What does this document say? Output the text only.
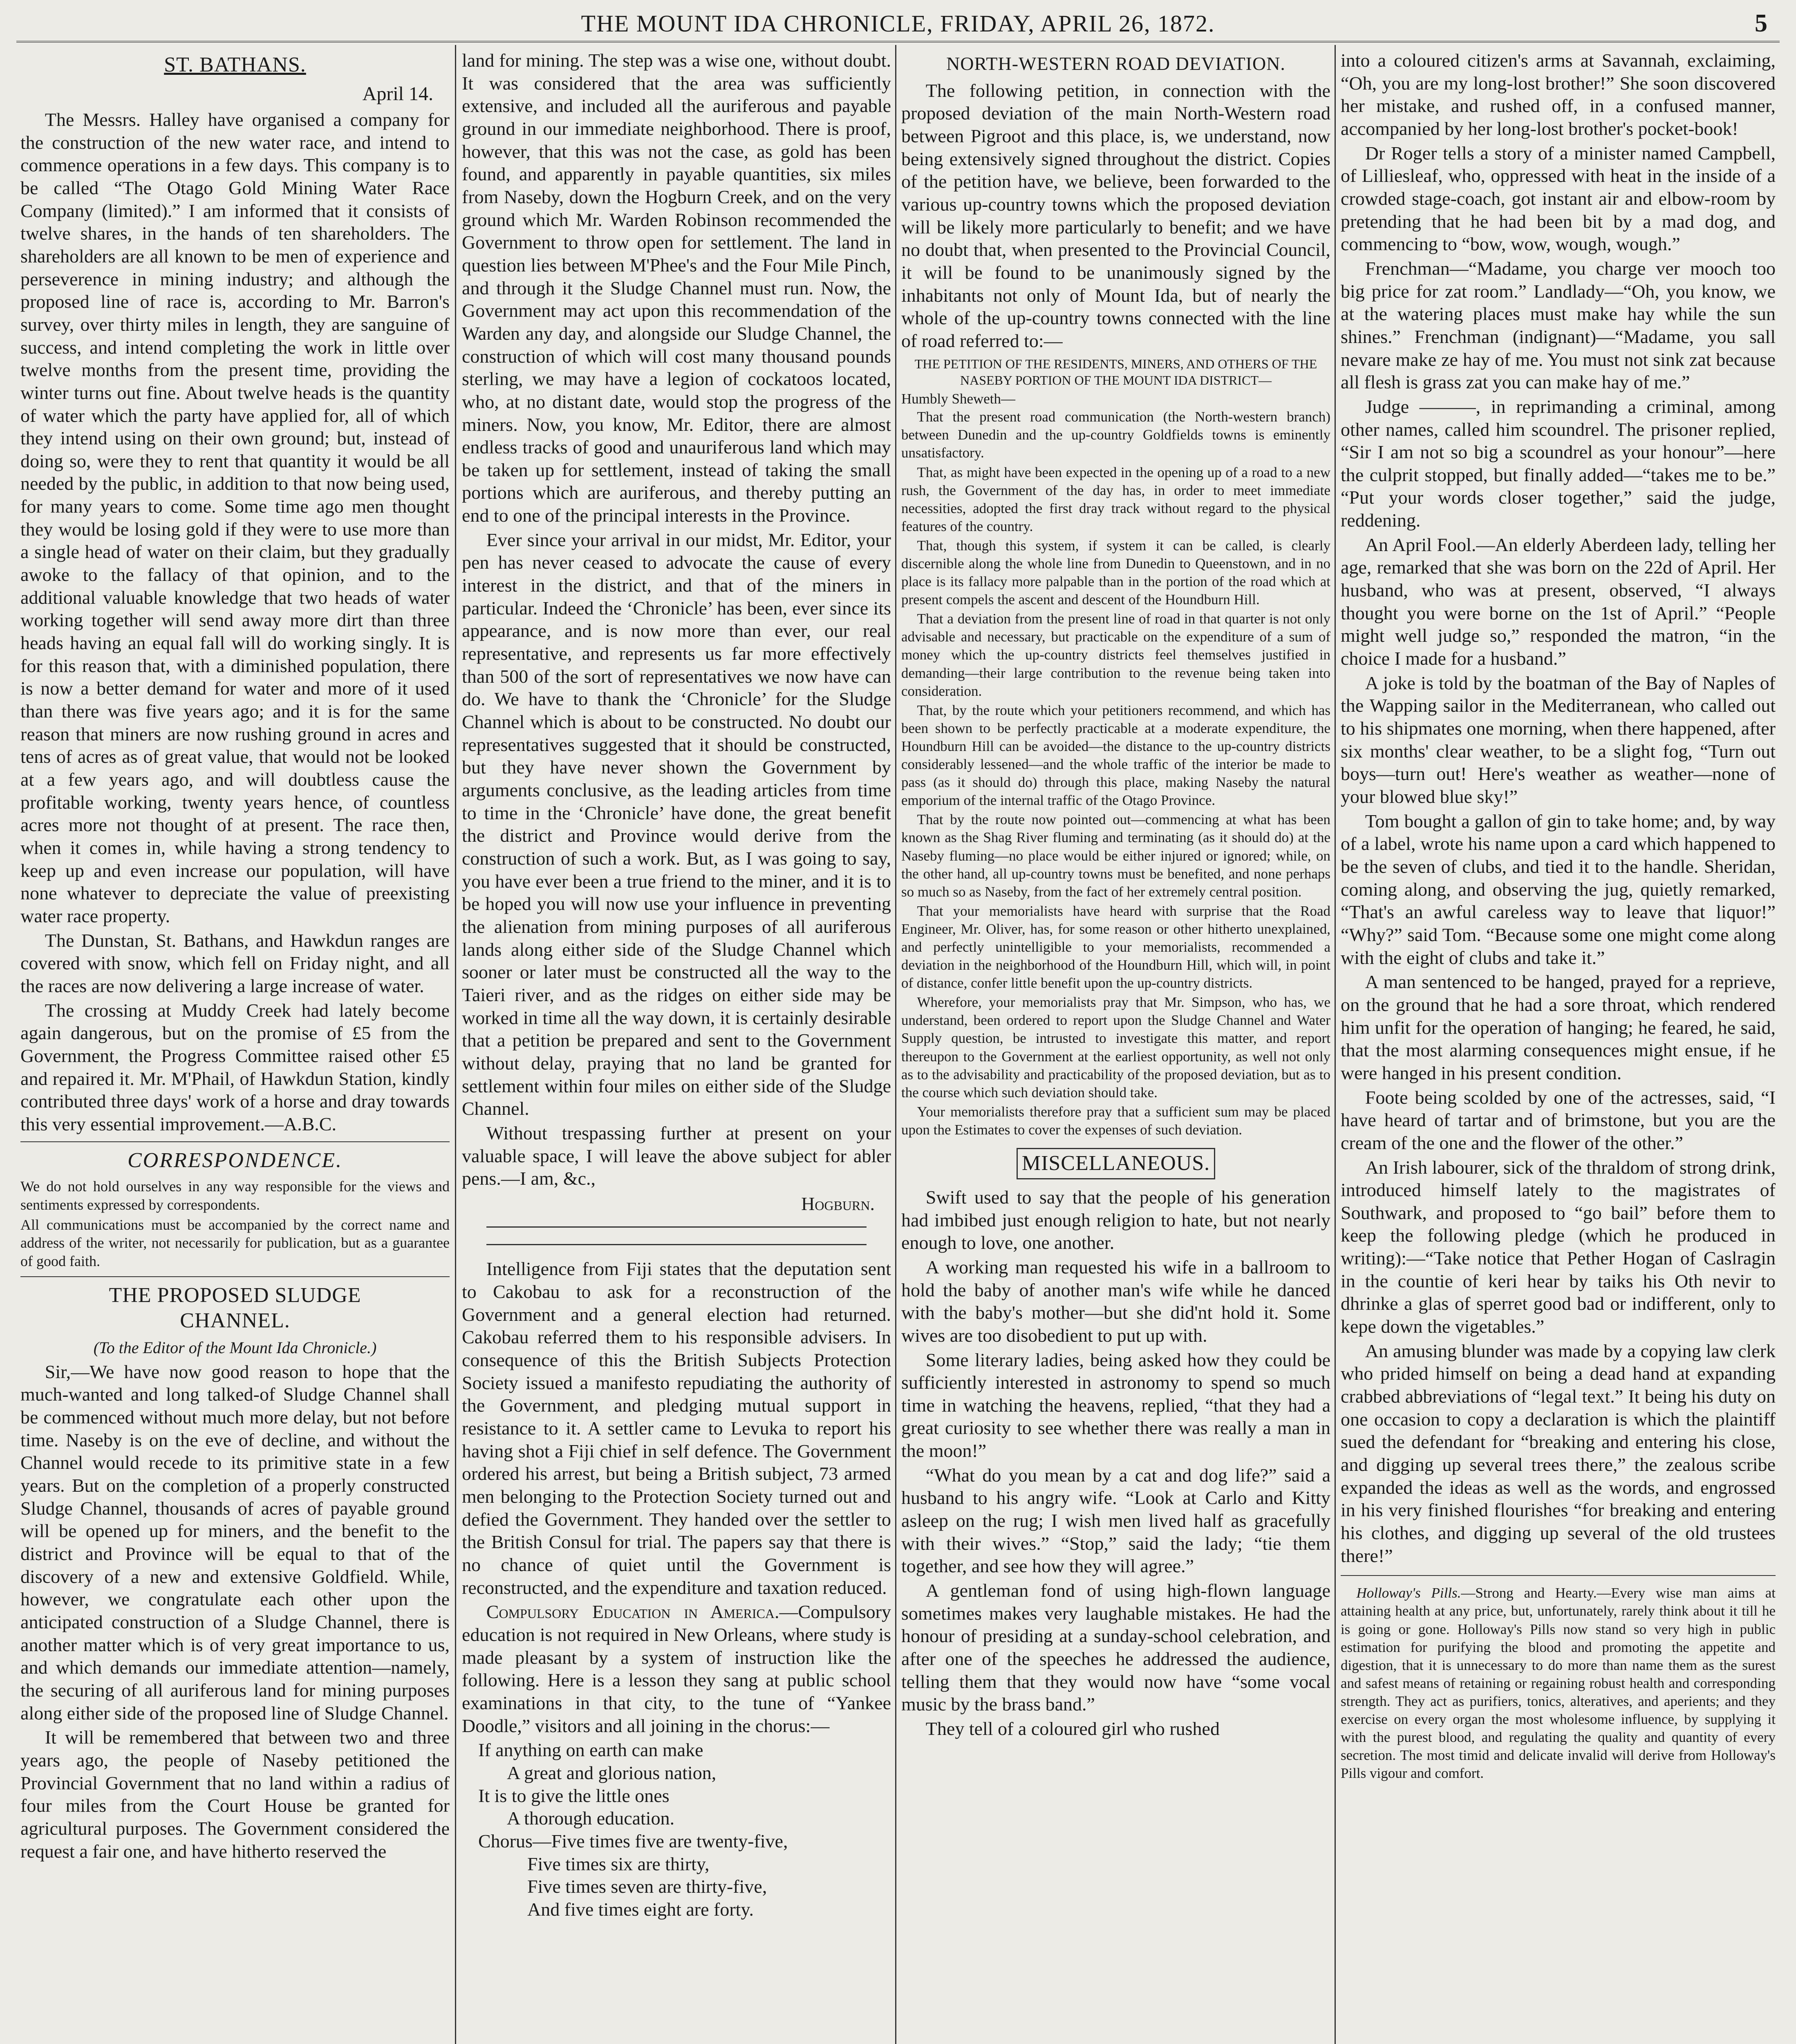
THE MOUNT IDA CHRONICLE, FRIDAY, APRIL 26, 1872.	5
ST. BATHANS.
April 14.

The Messrs. Halley have organised a company for the construction of the new water race, and intend to commence operations in a few days. This company is to be called “The Otago Gold Mining Water Race Company (limited).” I am informed that it consists of twelve shares, in the hands of ten shareholders. The shareholders are all known to be men of experience and perseverence in mining industry; and although the proposed line of race is, according to Mr. Barron's survey, over thirty miles in length, they are sanguine of success, and intend completing the work in little over twelve months from the present time, providing the winter turns out fine. About twelve heads is the quantity of water which the party have applied for, all of which they intend using on their own ground; but, instead of doing so, were they to rent that quantity it would be all needed by the public, in addition to that now being used, for many years to come. Some time ago men thought they would be losing gold if they were to use more than a single head of water on their claim, but they gradually awoke to the fallacy of that opinion, and to the additional valuable knowledge that two heads of water working together will send away more dirt than three heads having an equal fall will do working singly. It is for this reason that, with a diminished population, there is now a better demand for water and more of it used than there was five years ago; and it is for the same reason that miners are now rushing ground in acres and tens of acres as of great value, that would not be looked at a few years ago, and will doubtless cause the profitable working, twenty years hence, of countless acres more not thought of at present. The race then, when it comes in, while having a strong tendency to keep up and even increase our population, will have none whatever to depreciate the value of preexisting water race property.

The Dunstan, St. Bathans, and Hawkdun ranges are covered with snow, which fell on Friday night, and all the races are now delivering a large increase of water.

The crossing at Muddy Creek had lately become again dangerous, but on the promise of £5 from the Government, the Progress Committee raised other £5 and repaired it. Mr. M'Phail, of Hawkdun Station, kindly contributed three days' work of a horse and dray towards this very essential improvement.—A.B.C.

CORRESPONDENCE.

We do not hold ourselves in any way responsible for the views and sentiments expressed by correspondents.

All communications must be accompanied by the correct name and address of the writer, not necessarily for publication, but as a guarantee of good faith.

THE PROPOSED SLUDGE
CHANNEL.
(To the Editor of the Mount Ida Chronicle.)

Sir,—We have now good reason to hope that the much-wanted and long talked-of Sludge Channel shall be commenced without much more delay, but not before time. Naseby is on the eve of decline, and without the Channel would recede to its primitive state in a few years. But on the completion of a properly constructed Sludge Channel, thousands of acres of payable ground will be opened up for miners, and the benefit to the district and Province will be equal to that of the discovery of a new and extensive Goldfield. While, however, we congratulate each other upon the anticipated construction of a Sludge Channel, there is another matter which is of very great importance to us, and which demands our immediate attention—namely, the securing of all auriferous land for mining purposes along either side of the proposed line of Sludge Channel.

It will be remembered that between two and three years ago, the people of Naseby petitioned the Provincial Government that no land within a radius of four miles from the Court House be granted for agricultural purposes. The Government considered the request a fair one, and have hitherto reserved the

land for mining. The step was a wise one, without doubt. It was considered that the area was sufficiently extensive, and included all the auriferous and payable ground in our immediate neighborhood. There is proof, however, that this was not the case, as gold has been found, and apparently in payable quantities, six miles from Naseby, down the Hogburn Creek, and on the very ground which Mr. Warden Robinson recommended the Government to throw open for settlement. The land in question lies between M'Phee's and the Four Mile Pinch, and through it the Sludge Channel must run. Now, the Government may act upon this recommendation of the Warden any day, and alongside our Sludge Channel, the construction of which will cost many thousand pounds sterling, we may have a legion of cockatoos located, who, at no distant date, would stop the progress of the miners. Now, you know, Mr. Editor, there are almost endless tracks of good and unauriferous land which may be taken up for settlement, instead of taking the small portions which are auriferous, and thereby putting an end to one of the principal interests in the Province.

Ever since your arrival in our midst, Mr. Editor, your pen has never ceased to advocate the cause of every interest in the district, and that of the miners in particular. Indeed the ‘Chronicle’ has been, ever since its appearance, and is now more than ever, our real representative, and represents us far more effectively than 500 of the sort of representatives we now have can do. We have to thank the ‘Chronicle’ for the Sludge Channel which is about to be constructed. No doubt our representatives suggested that it should be constructed, but they have never shown the Government by arguments conclusive, as the leading articles from time to time in the ‘Chronicle’ have done, the great benefit the district and Province would derive from the construction of such a work. But, as I was going to say, you have ever been a true friend to the miner, and it is to be hoped you will now use your influence in preventing the alienation from mining purposes of all auriferous lands along either side of the Sludge Channel which sooner or later must be constructed all the way to the Taieri river, and as the ridges on either side may be worked in time all the way down, it is certainly desirable that a petition be prepared and sent to the Government without delay, praying that no land be granted for settlement within four miles on either side of the Sludge Channel.

Without trespassing further at present on your valuable space, I will leave the above subject for abler pens.—I am, &c.,

Hogburn.

Intelligence from Fiji states that the deputation sent to Cakobau to ask for a reconstruction of the Government and a general election had returned. Cakobau referred them to his responsible advisers. In consequence of this the British Subjects Protection Society issued a manifesto repudiating the authority of the Government, and pledging mutual support in resistance to it. A settler came to Levuka to report his having shot a Fiji chief in self defence. The Government ordered his arrest, but being a British subject, 73 armed men belonging to the Protection Society turned out and defied the Government. They handed over the settler to the British Consul for trial. The papers say that there is no chance of quiet until the Government is reconstructed, and the expenditure and taxation reduced.

Compulsory Education in America.—Compulsory education is not required in New Orleans, where study is made pleasant by a system of instruction like the following. Here is a lesson they sang at public school examinations in that city, to the tune of “Yankee Doodle,” visitors and all joining in the chorus:—

If anything on earth can make

A great and glorious nation,

It is to give the little ones

A thorough education.

Chorus—Five times five are twenty-five,

Five times six are thirty,

Five times seven are thirty-five,

And five times eight are forty.

NORTH-WESTERN ROAD DEVIATION.

The following petition, in connection with the proposed deviation of the main North-Western road between Pigroot and this place, is, we understand, now being extensively signed throughout the district. Copies of the petition have, we believe, been forwarded to the various up-country towns which the proposed deviation will be likely more particularly to benefit; and we have no doubt that, when presented to the Provincial Council, it will be found to be unanimously signed by the inhabitants not only of Mount Ida, but of nearly the whole of the up-country towns connected with the line of road referred to:—

THE PETITION OF THE RESIDENTS, MINERS, AND OTHERS OF THE NASEBY PORTION OF THE MOUNT IDA DISTRICT—
Humbly Sheweth—

That the present road communication (the North-western branch) between Dunedin and the up-country Goldfields towns is eminently unsatisfactory.

That, as might have been expected in the opening up of a road to a new rush, the Government of the day has, in order to meet immediate necessities, adopted the first dray track without regard to the physical features of the country.

That, though this system, if system it can be called, is clearly discernible along the whole line from Dunedin to Queenstown, and in no place is its fallacy more palpable than in the portion of the road which at present compels the ascent and descent of the Houndburn Hill.

That a deviation from the present line of road in that quarter is not only advisable and necessary, but practicable on the expenditure of a sum of money which the up-country districts feel themselves justified in demanding—their large contribution to the revenue being taken into consideration.

That, by the route which your petitioners recommend, and which has been shown to be perfectly practicable at a moderate expenditure, the Houndburn Hill can be avoided—the distance to the up-country districts considerably lessened—and the whole traffic of the interior be made to pass (as it should do) through this place, making Naseby the natural emporium of the internal traffic of the Otago Province.

That by the route now pointed out—commencing at what has been known as the Shag River fluming and terminating (as it should do) at the Naseby fluming—no place would be either injured or ignored; while, on the other hand, all up-country towns must be benefited, and none perhaps so much so as Naseby, from the fact of her extremely central position.

That your memorialists have heard with surprise that the Road Engineer, Mr. Oliver, has, for some reason or other hitherto unexplained, and perfectly unintelligible to your memorialists, recommended a deviation in the neighborhood of the Houndburn Hill, which will, in point of distance, confer little benefit upon the up-country districts.

Wherefore, your memorialists pray that Mr. Simpson, who has, we understand, been ordered to report upon the Sludge Channel and Water Supply question, be intrusted to investigate this matter, and report thereupon to the Government at the earliest opportunity, as well not only as to the advisability and practicability of the proposed deviation, but as to the course which such deviation should take.

Your memorialists therefore pray that a sufficient sum may be placed upon the Estimates to cover the expenses of such deviation.

MISCELLANEOUS.

Swift used to say that the people of his generation had imbibed just enough religion to hate, but not nearly enough to love, one another.

A working man requested his wife in a ballroom to hold the baby of another man's wife while he danced with the baby's mother—but she did'nt hold it. Some wives are too disobedient to put up with.

Some literary ladies, being asked how they could be sufficiently interested in astronomy to spend so much time in watching the heavens, replied, “that they had a great curiosity to see whether there was really a man in the moon!”

“What do you mean by a cat and dog life?” said a husband to his angry wife. “Look at Carlo and Kitty asleep on the rug; I wish men lived half as gracefully with their wives.” “Stop,” said the lady; “tie them together, and see how they will agree.”

A gentleman fond of using high-flown language sometimes makes very laughable mistakes. He had the honour of presiding at a sunday-school celebration, and after one of the speeches he addressed the audience, telling them that they would now have “some vocal music by the brass band.”

They tell of a coloured girl who rushed

into a coloured citizen's arms at Savannah, exclaiming, “Oh, you are my long-lost brother!” She soon discovered her mistake, and rushed off, in a confused manner, accompanied by her long-lost brother's pocket-book!

Dr Roger tells a story of a minister named Campbell, of Lilliesleaf, who, oppressed with heat in the inside of a crowded stage-coach, got instant air and elbow-room by pretending that he had been bit by a mad dog, and commencing to “bow, wow, wough, wough.”

Frenchman—“Madame, you charge ver mooch too big price for zat room.” Landlady—“Oh, you know, we at the watering places must make hay while the sun shines.” Frenchman (indignant)—“Madame, you sall nevare make ze hay of me. You must not sink zat because all flesh is grass zat you can make hay of me.”

Judge ———, in reprimanding a criminal, among other names, called him scoundrel. The prisoner replied, “Sir I am not so big a scoundrel as your honour”—here the culprit stopped, but finally added—“takes me to be.” “Put your words closer together,” said the judge, reddening.

An April Fool.—An elderly Aberdeen lady, telling her age, remarked that she was born on the 22d of April. Her husband, who was at present, observed, “I always thought you were borne on the 1st of April.” “People might well judge so,” responded the matron, “in the choice I made for a husband.”

A joke is told by the boatman of the Bay of Naples of the Wapping sailor in the Mediterranean, who called out to his shipmates one morning, when there happened, after six months' clear weather, to be a slight fog, “Turn out boys—turn out! Here's weather as weather—none of your blowed blue sky!”

Tom bought a gallon of gin to take home; and, by way of a label, wrote his name upon a card which happened to be the seven of clubs, and tied it to the handle. Sheridan, coming along, and observing the jug, quietly remarked, “That's an awful careless way to leave that liquor!” “Why?” said Tom. “Because some one might come along with the eight of clubs and take it.”

A man sentenced to be hanged, prayed for a reprieve, on the ground that he had a sore throat, which rendered him unfit for the operation of hanging; he feared, he said, that the most alarming consequences might ensue, if he were hanged in his present condition.

Foote being scolded by one of the actresses, said, “I have heard of tartar and of brimstone, but you are the cream of the one and the flower of the other.”

An Irish labourer, sick of the thraldom of strong drink, introduced himself lately to the magistrates of Southwark, and proposed to “go bail” before them to keep the following pledge (which he produced in writing):—“Take notice that Pether Hogan of Caslragin in the countie of keri hear by taiks his Oth nevir to dhrinke a glas of sperret good bad or indifferent, only to kepe down the vigetables.”

An amusing blunder was made by a copying law clerk who prided himself on being a dead hand at expanding crabbed abbreviations of “legal text.” It being his duty on one occasion to copy a declaration is which the plaintiff sued the defendant for “breaking and entering his close, and digging up several trees there,” the zealous scribe expanded the ideas as well as the words, and engrossed in his very finished flourishes “for breaking and entering his clothes, and digging up several of the old trustees there!”

Holloway's Pills.—Strong and Hearty.—Every wise man aims at attaining health at any price, but, unfortunately, rarely think about it till he is going or gone. Holloway's Pills now stand so very high in public estimation for purifying the blood and promoting the appetite and digestion, that it is unnecessary to do more than name them as the surest and safest means of retaining or regaining robust health and corresponding strength. They act as purifiers, tonics, alteratives, and aperients; and they exercise on every organ the most wholesome influence, by supplying it with the purest blood, and regulating the quality and quantity of every secretion. The most timid and delicate invalid will derive from Holloway's Pills vigour and comfort.
